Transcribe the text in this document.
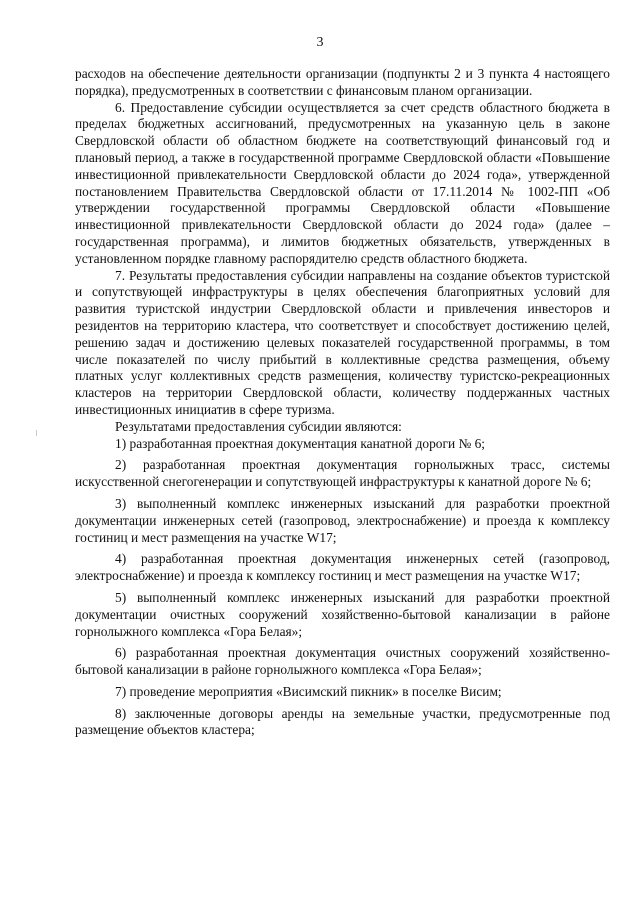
3

расходов на обеспечение деятельности организации (подпункты 2 и 3 пункта 4 настоящего порядка), предусмотренных в соответствии с финансовым планом организации.

6. Предоставление субсидии осуществляется за счет средств областного бюджета в пределах бюджетных ассигнований, предусмотренных на указанную цель в законе Свердловской области об областном бюджете на соответствующий финансовый год и плановый период, а также в государственной программе Свердловской области «Повышение инвестиционной привлекательности Свердловской области до 2024 года», утвержденной постановлением Правительства Свердловской области от 17.11.2014 № 1002-ПП «Об утверждении государственной программы Свердловской области «Повышение инвестиционной привлекательности Свердловской области до 2024 года» (далее – государственная программа), и лимитов бюджетных обязательств, утвержденных в установленном порядке главному распорядителю средств областного бюджета.

7. Результаты предоставления субсидии направлены на создание объектов туристской и сопутствующей инфраструктуры в целях обеспечения благоприятных условий для развития туристской индустрии Свердловской области и привлечения инвесторов и резидентов на территорию кластера, что соответствует и способствует достижению целей, решению задач и достижению целевых показателей государственной программы, в том числе показателей по числу прибытий в коллективные средства размещения, объему платных услуг коллективных средств размещения, количеству туристско-рекреационных кластеров на территории Свердловской области, количеству поддержанных частных инвестиционных инициатив в сфере туризма.

Результатами предоставления субсидии являются:

1) разработанная проектная документация канатной дороги № 6;

2) разработанная проектная документация горнолыжных трасс, системы искусственной снегогенерации и сопутствующей инфраструктуры к канатной дороге № 6;

3) выполненный комплекс инженерных изысканий для разработки проектной документации инженерных сетей (газопровод, электроснабжение) и проезда к комплексу гостиниц и мест размещения на участке W17;

4) разработанная проектная документация инженерных сетей (газопровод, электроснабжение) и проезда к комплексу гостиниц и мест размещения на участке W17;

5) выполненный комплекс инженерных изысканий для разработки проектной документации очистных сооружений хозяйственно-бытовой канализации в районе горнолыжного комплекса «Гора Белая»;

6) разработанная проектная документация очистных сооружений хозяйственно-бытовой канализации в районе горнолыжного комплекса «Гора Белая»;

7) проведение мероприятия «Висимский пикник» в поселке Висим;

8) заключенные договоры аренды на земельные участки, предусмотренные под размещение объектов кластера;
